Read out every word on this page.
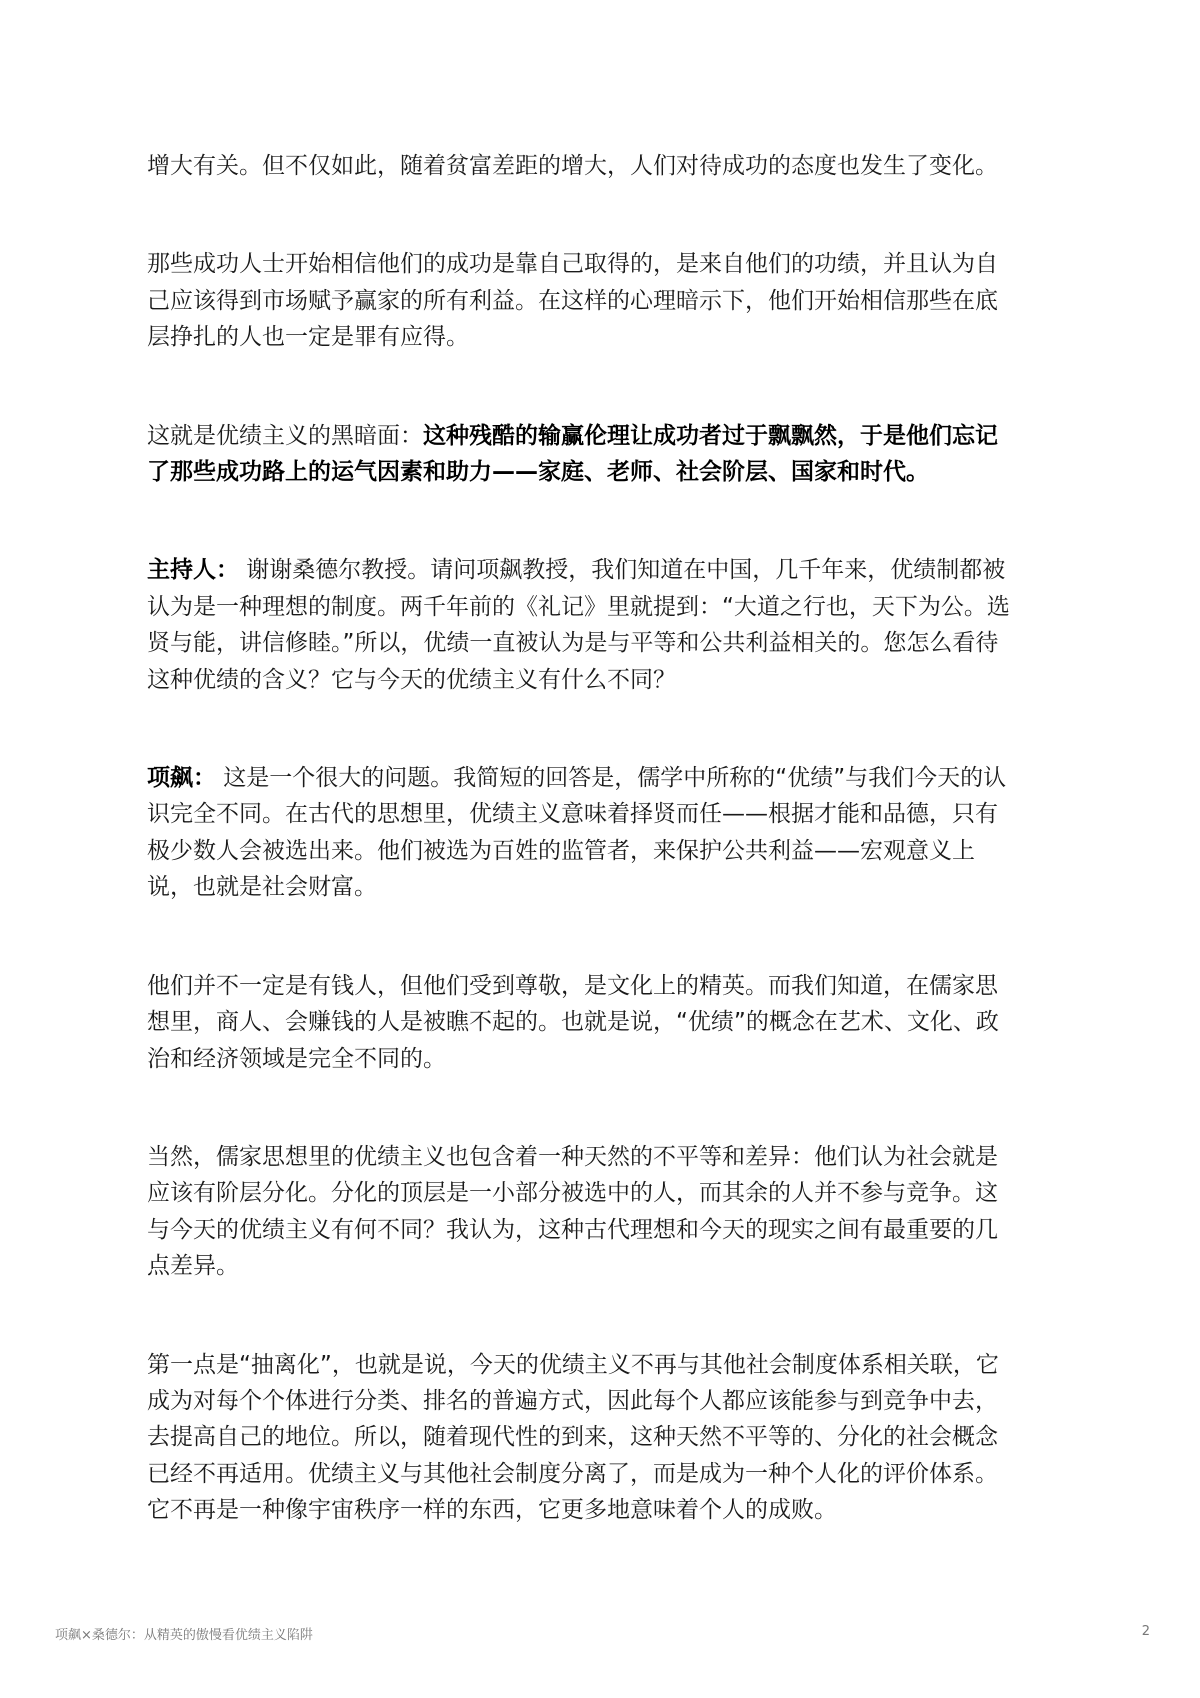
增大有关。但不仅如此，随着贫富差距的增大，人们对待成功的态度也发生了变化。

那些成功人士开始相信他们的成功是靠自己取得的，是来自他们的功绩，并且认为自
己应该得到市场赋予赢家的所有利益。在这样的心理暗示下，他们开始相信那些在底
层挣扎的人也一定是罪有应得。

这就是优绩主义的黑暗面：这种残酷的输赢伦理让成功者过于飘飘然，于是他们忘记
了那些成功路上的运气因素和助力——家庭、老师、社会阶层、国家和时代。

主持人： 谢谢桑德尔教授。请问项飙教授，我们知道在中国，几千年来，优绩制都被
认为是一种理想的制度。两千年前的《礼记》里就提到：“大道之行也，天下为公。选
贤与能，讲信修睦。”所以，优绩一直被认为是与平等和公共利益相关的。您怎么看待
这种优绩的含义？它与今天的优绩主义有什么不同？

项飙： 这是一个很大的问题。我简短的回答是，儒学中所称的“优绩”与我们今天的认
识完全不同。在古代的思想里，优绩主义意味着择贤而任——根据才能和品德，只有
极少数人会被选出来。他们被选为百姓的监管者，来保护公共利益——宏观意义上
说，也就是社会财富。

他们并不一定是有钱人，但他们受到尊敬，是文化上的精英。而我们知道，在儒家思
想里，商人、会赚钱的人是被瞧不起的。也就是说，“优绩”的概念在艺术、文化、政
治和经济领域是完全不同的。

当然，儒家思想里的优绩主义也包含着一种天然的不平等和差异：他们认为社会就是
应该有阶层分化。分化的顶层是一小部分被选中的人，而其余的人并不参与竞争。这
与今天的优绩主义有何不同？我认为，这种古代理想和今天的现实之间有最重要的几
点差异。

第一点是“抽离化”，也就是说，今天的优绩主义不再与其他社会制度体系相关联，它
成为对每个个体进行分类、排名的普遍方式，因此每个人都应该能参与到竞争中去，
去提高自己的地位。所以，随着现代性的到来，这种天然不平等的、分化的社会概念
已经不再适用。优绩主义与其他社会制度分离了，而是成为一种个人化的评价体系。
它不再是一种像宇宙秩序一样的东西，它更多地意味着个人的成败。

项飙×桑德尔：从精英的傲慢看优绩主义陷阱	2
